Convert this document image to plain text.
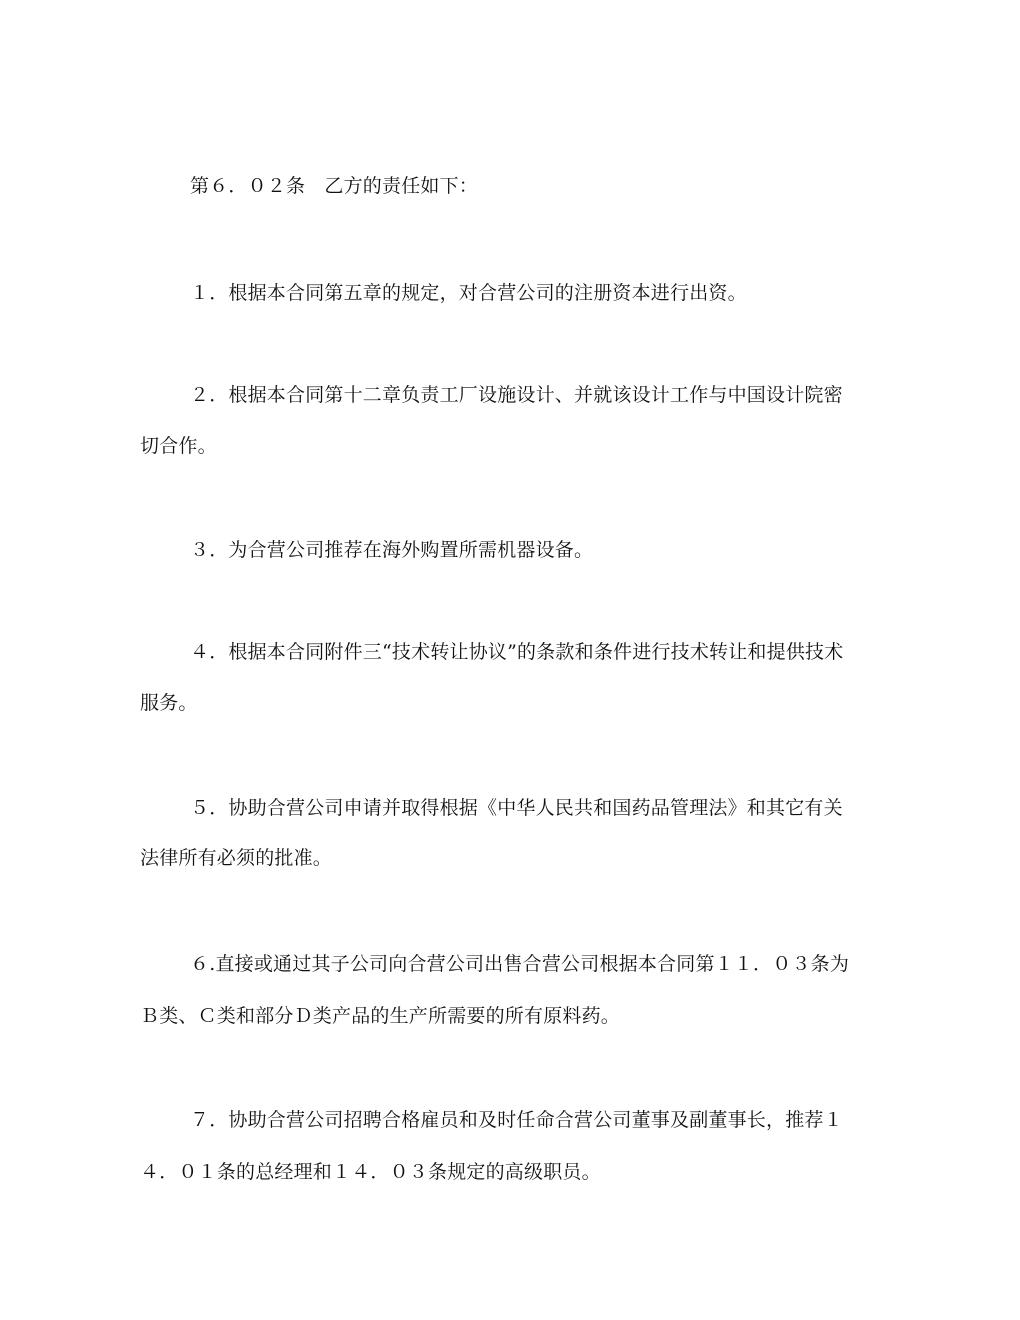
第６．０２条　乙方的责任如下：
１．根据本合同第五章的规定，对合营公司的注册资本进行出资。
２．根据本合同第十二章负责工厂设施设计、并就该设计工作与中国设计院密
切合作。
３．为合营公司推荐在海外购置所需机器设备。
４．根据本合同附件三“技术转让协议”的条款和条件进行技术转让和提供技术
服务。
５．协助合营公司申请并取得根据《中华人民共和国药品管理法》和其它有关
法律所有必须的批准。
６.直接或通过其子公司向合营公司出售合营公司根据本合同第１１．０３条为
Ｂ类、Ｃ类和部分Ｄ类产品的生产所需要的所有原料药。
７．协助合营公司招聘合格雇员和及时任命合营公司董事及副董事长，推荐１
４．０１条的总经理和１４．０３条规定的高级职员。
